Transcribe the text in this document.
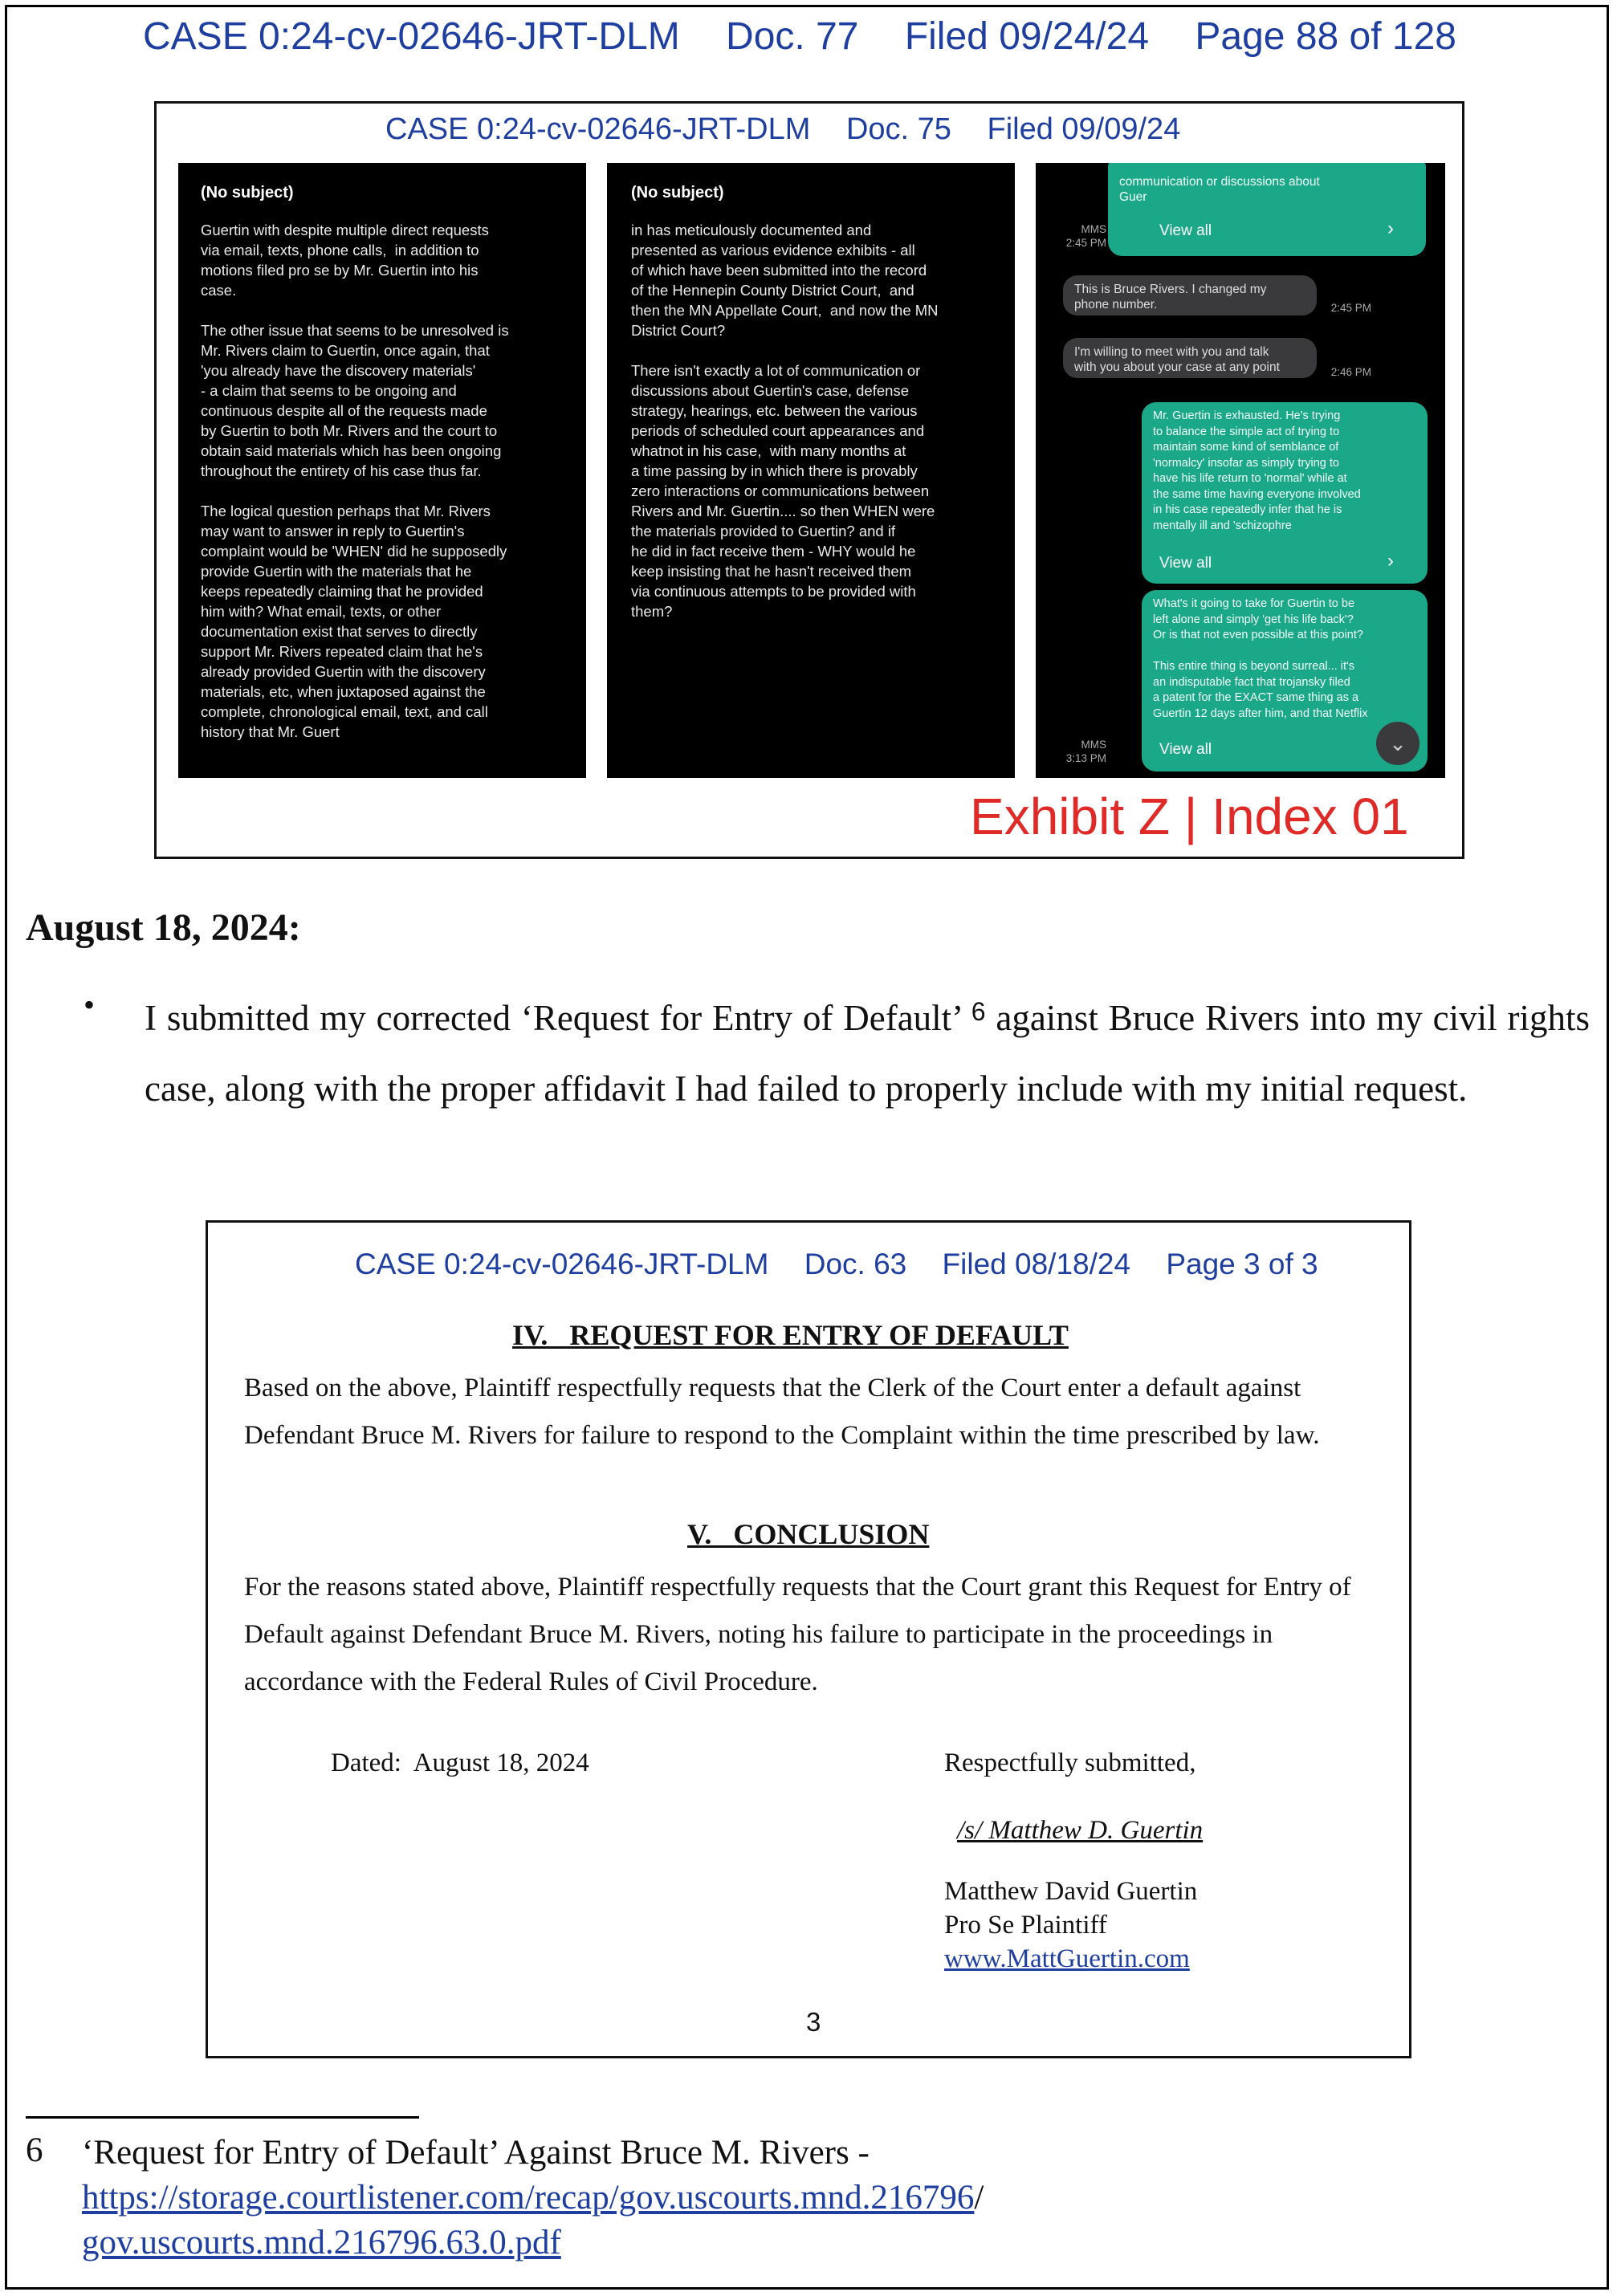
CASE 0:24-cv-02646-JRT-DLM Doc. 77 Filed 09/24/24 Page 88 of 128
CASE 0:24-cv-02646-JRT-DLM Doc. 75 Filed 09/09/24
(No subject)
Guertin with despite multiple direct requests
via email, texts, phone calls,  in addition to
motions filed pro se by Mr. Guertin into his
case.

The other issue that seems to be unresolved is
Mr. Rivers claim to Guertin, once again, that
'you already have the discovery materials'
- a claim that seems to be ongoing and
continuous despite all of the requests made
by Guertin to both Mr. Rivers and the court to
obtain said materials which has been ongoing
throughout the entirety of his case thus far.

The logical question perhaps that Mr. Rivers
may want to answer in reply to Guertin's
complaint would be 'WHEN' did he supposedly
provide Guertin with the materials that he
keeps repeatedly claiming that he provided
him with? What email, texts, or other
documentation exist that serves to directly
support Mr. Rivers repeated claim that he's
already provided Guertin with the discovery
materials, etc, when juxtaposed against the
complete, chronological email, text, and call
history that Mr. Guert
(No subject)
in has meticulously documented and
presented as various evidence exhibits - all
of which have been submitted into the record
of the Hennepin County District Court,  and
then the MN Appellate Court,  and now the MN
District Court?

There isn't exactly a lot of communication or
discussions about Guertin's case, defense
strategy, hearings, etc. between the various
periods of scheduled court appearances and
whatnot in his case,  with many months at
a time passing by in which there is provably
zero interactions or communications between
Rivers and Mr. Guertin.... so then WHEN were
the materials provided to Guertin? and if
he did in fact receive them - WHY would he
keep insisting that he hasn't received them
via continuous attempts to be provided with
them?
communication or discussions about
Guer
View all	›
MMS
2:45 PM
This is Bruce Rivers. I changed my
phone number.	2:45 PM
I'm willing to meet with you and talk
with you about your case at any point	2:46 PM
Mr. Guertin is exhausted. He's trying
to balance the simple act of trying to
maintain some kind of semblance of
'normalcy' insofar as simply trying to
have his life return to 'normal' while at
the same time having everyone involved
in his case repeatedly infer that he is
mentally ill and 'schizophre
View all	›
What's it going to take for Guertin to be
left alone and simply 'get his life back'?
Or is that not even possible at this point?

This entire thing is beyond surreal... it's
an indisputable fact that trojansky filed
a patent for the EXACT same thing as a
Guertin 12 days after him, and that Netflix
View all
MMS
3:13 PM
⌄
Exhibit Z | Index 01
August 18, 2024:
• I submitted my corrected ‘Request for Entry of Default’ $^6$ against Bruce Rivers into my civil rights case, along with the proper affidavit I had failed to properly include with my initial request.
CASE 0:24-cv-02646-JRT-DLM Doc. 63 Filed 08/18/24 Page 3 of 3
IV.   REQUEST FOR ENTRY OF DEFAULT
Based on the above, Plaintiff respectfully requests that the Clerk of the Court enter a default against Defendant Bruce M. Rivers for failure to respond to the Complaint within the time prescribed by law.
V.   CONCLUSION
For the reasons stated above, Plaintiff respectfully requests that the Court grant this Request for Entry of Default against Defendant Bruce M. Rivers, noting his failure to participate in the proceedings in accordance with the Federal Rules of Civil Procedure.
Dated:  August 18, 2024	Respectfully submitted,
/s/ Matthew D. Guertin
Matthew David Guertin
Pro Se Plaintiff
www.MattGuertin.com
3
6 ‘Request for Entry of Default’ Against Bruce M. Rivers -
https://storage.courtlistener.com/recap/gov.uscourts.mnd.216796/
gov.uscourts.mnd.216796.63.0.pdf
